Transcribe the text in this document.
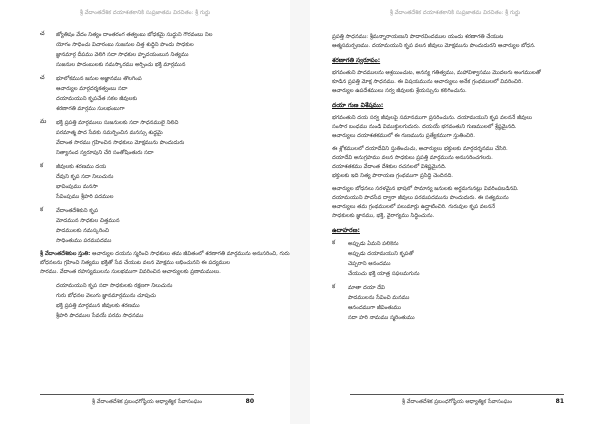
శ్రీ వేదాంతదేశిక దయాశతకానికి సుప్రజాతమ విరచితం: శ్రీ గుర్జు
చ జ్యోతిషం వేదం నిత్యం దాంతరంగ తత్వంబు బోధకమై సుద్ధుని గౌరవంబు నిల
యోగం సాధించు విచారంబు సుజనుల చిత్త శుద్ధిని పొందు సాధకుల
జ్ఞానమార్గ దీపము వెలిగి సదా సాధకుల హృదయంబున నిత్యము
సుజనుల పాదంబులకు నమస్కారము అర్పించు భక్తి మార్గమున
చ భూలోకమున జనుల అజ్ఞానము తొలగింప
ఆచార్యుల మార్గదర్శకత్వంబు సదా
దయామయుని కృపచేత సకల జీవులకు
శరణాగతి మార్గము సులభంబుగా
మ భక్తి ప్రపత్తి మార్గములు సుజనులకు సదా సాధనములై నిలిచి
పరమాత్మ పాద సేవకు సమర్పించిన మనస్సు శుద్ధమై
వేదాంత సారము గ్రహించిన సాధకులు మోక్షమును పొందుదురు
నిత్యానంద స్వరూపుని చేరి సంతోషింతురు సదా
క జీవులకు శరణము దయ
దేవుని కృప సదా నిలుచును
భావింపుము మనసా
సేవింపుము శ్రీహరి పదముల
క వేదాంతదేశికుని కృప
మోదమున సాధకుల చిత్తమున
పాదములకు నమస్కరించి
సాధింతుము పరమపదము
శ్రీ వేదాంతదేశికుల స్తుతి: ఆచార్యుల దయను స్మరించి సాధకులు తమ జీవితంలో శరణాగతి మార్గమును అనుసరించి, గురు
బోధనలను గ్రహించి నిత్యము భక్తితో సేవ చేయుట వలన మోక్షము లభించునని ఈ పద్యముల
సారము. వేదాంత రహస్యములను సులభముగా వివరించిన ఆచార్యులకు ప్రణామములు.
దయామయుని కృప సదా సాధకులకు రక్షణగా నిలుచును
గురు బోధనల వెలుగు జ్ఞానమార్గమును చూపుచు
భక్తి ప్రపత్తి మార్గమున జీవులకు శరణము
శ్రీహరి పాదముల సేవయే పరమ సాధనము
శ్రీ వేదాంతదేశిక ప్రబంధగోష్ఠీయ ఆధ్యాత్మిక సేవాసంఘం	80
శ్రీ వేదాంతదేశిక దయాశతకానికి సుప్రజాతమ విరచితం: శ్రీ గుర్జు
ప్రపత్తి సాధనము: శ్రీమన్నారాయణుని పాదారవిందముల యందు శరణాగతి చేయుట
ఆత్మసమర్పణము. దయామయుని కృప వలన జీవులు మోక్షమును పొందుదురని ఆచార్యుల బోధన.
శరణాగతి స్వరూపం:
భగవంతుని పాదములను ఆశ్రయించుట, అనన్య గతిత్వము, మహావిశ్వాసము మొదలగు అంగములతో
కూడిన ప్రపత్తి మోక్ష సాధనము. ఈ విషయమును ఆచార్యులు అనేక గ్రంథములలో వివరించిరి.
ఆచార్యుల ఉపదేశములు సర్వ జీవులకు శ్రేయస్సును కలిగించును.
దయా గుణ విశేషము:
భగవంతుని దయ సర్వ జీవులపై సమానముగా ప్రసరించును. దయామయుని కృప వలననే జీవులు
సంసార బంధము నుండి విముక్తులగుదురు. దయయే భగవంతుని గుణములలో శ్రేష్ఠమైనది.
ఆచార్యులు దయాశతకములో ఈ గుణమును ప్రత్యేకముగా స్తుతించిరి.
ఈ శ్లోకములలో దయాదేవిని స్తుతించుచు, ఆచార్యులు భక్తులకు మార్గదర్శనము చేసిరి.
దయాదేవి అనుగ్రహము వలన సాధకులు ప్రపత్తి మార్గమును అనుసరించగలరు.
దయాశతకము వేదాంత దేశికుల రచనలలో విశిష్టమైనది.
భక్తులకు ఇది నిత్య పారాయణ గ్రంథముగా ప్రసిద్ధి చెందినది.
ఆచార్యుల బోధనలు సరళమైన భాషలో సామాన్య జనులకు అర్థమగునట్లు వివరింపబడినవి.
దయామయుని పాదసేవ ద్వారా జీవులు పరమపదమును పొందుదురు. ఈ సత్యమును
ఆచార్యులు తమ గ్రంథములలో పలుమార్లు ఉద్ఘాటించిరి. గురువుల కృప వలననే
సాధకులకు జ్ఞానము, భక్తి, వైరాగ్యము సిద్ధించును.
ఉదాహరణ:
క అప్పుడు ఏమని పలికెను
అప్పుడు దయామయుని కృపతో
చెప్పరాని ఆనందము
చేయుచు భక్తి యాత్ర సఫలమగును
క మాతా దయా దేవి
పాదములను సేవించి మనము
ఆనందముగా జీవింతుము
సదా హరి నామము స్మరింతుము
శ్రీ వేదాంతదేశిక ప్రబంధగోష్ఠీయ ఆధ్యాత్మిక సేవాసంఘం	81
